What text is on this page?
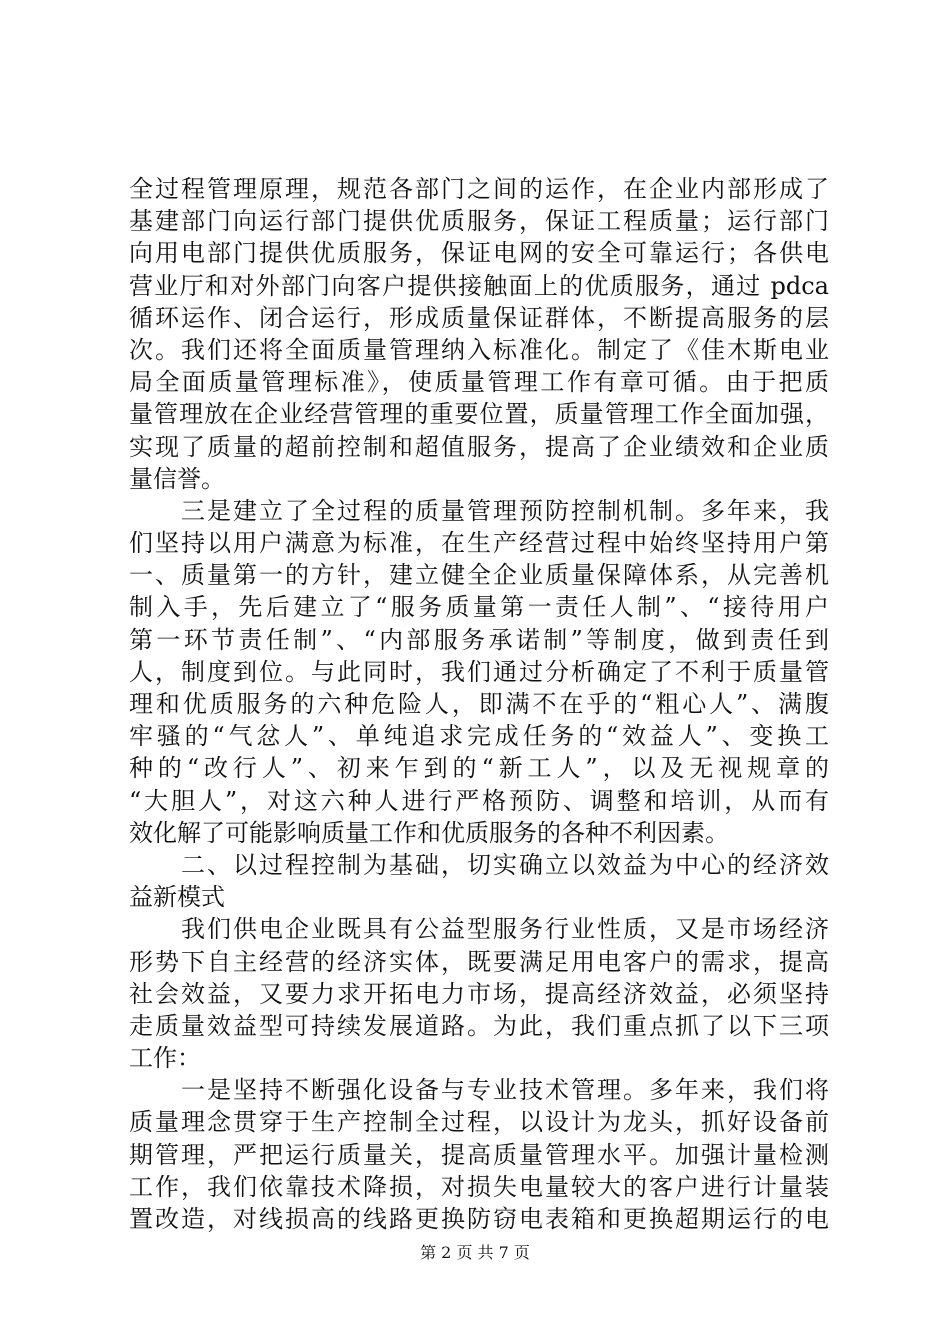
全过程管理原理，规范各部门之间的运作，在企业内部形成了
基建部门向运行部门提供优质服务，保证工程质量；运行部门
向用电部门提供优质服务，保证电网的安全可靠运行；各供电
营业厅和对外部门向客户提供接触面上的优质服务，通过 pdca
循环运作、闭合运行，形成质量保证群体，不断提高服务的层
次。我们还将全面质量管理纳入标准化。制定了《佳木斯电业
局全面质量管理标准》，使质量管理工作有章可循。由于把质
量管理放在企业经营管理的重要位置，质量管理工作全面加强，
实现了质量的超前控制和超值服务，提高了企业绩效和企业质
量信誉。
　　三是建立了全过程的质量管理预防控制机制。多年来，我
们坚持以用户满意为标准，在生产经营过程中始终坚持用户第
一、质量第一的方针，建立健全企业质量保障体系，从完善机
制入手，先后建立了“服务质量第一责任人制”、“接待用户
第一环节责任制”、“内部服务承诺制”等制度，做到责任到
人，制度到位。与此同时，我们通过分析确定了不利于质量管
理和优质服务的六种危险人，即满不在乎的“粗心人”、满腹
牢骚的“气忿人”、单纯追求完成任务的“效益人”、变换工
种的“改行人”、初来乍到的“新工人”，以及无视规章的
“大胆人”，对这六种人进行严格预防、调整和培训，从而有
效化解了可能影响质量工作和优质服务的各种不利因素。
　　二、以过程控制为基础，切实确立以效益为中心的经济效
益新模式
　　我们供电企业既具有公益型服务行业性质，又是市场经济
形势下自主经营的经济实体，既要满足用电客户的需求，提高
社会效益，又要力求开拓电力市场，提高经济效益，必须坚持
走质量效益型可持续发展道路。为此，我们重点抓了以下三项
工作：
　　一是坚持不断强化设备与专业技术管理。多年来，我们将
质量理念贯穿于生产控制全过程，以设计为龙头，抓好设备前
期管理，严把运行质量关，提高质量管理水平。加强计量检测
工作，我们依靠技术降损，对损失电量较大的客户进行计量装
置改造，对线损高的线路更换防窃电表箱和更换超期运行的电
第 2 页 共 7 页
